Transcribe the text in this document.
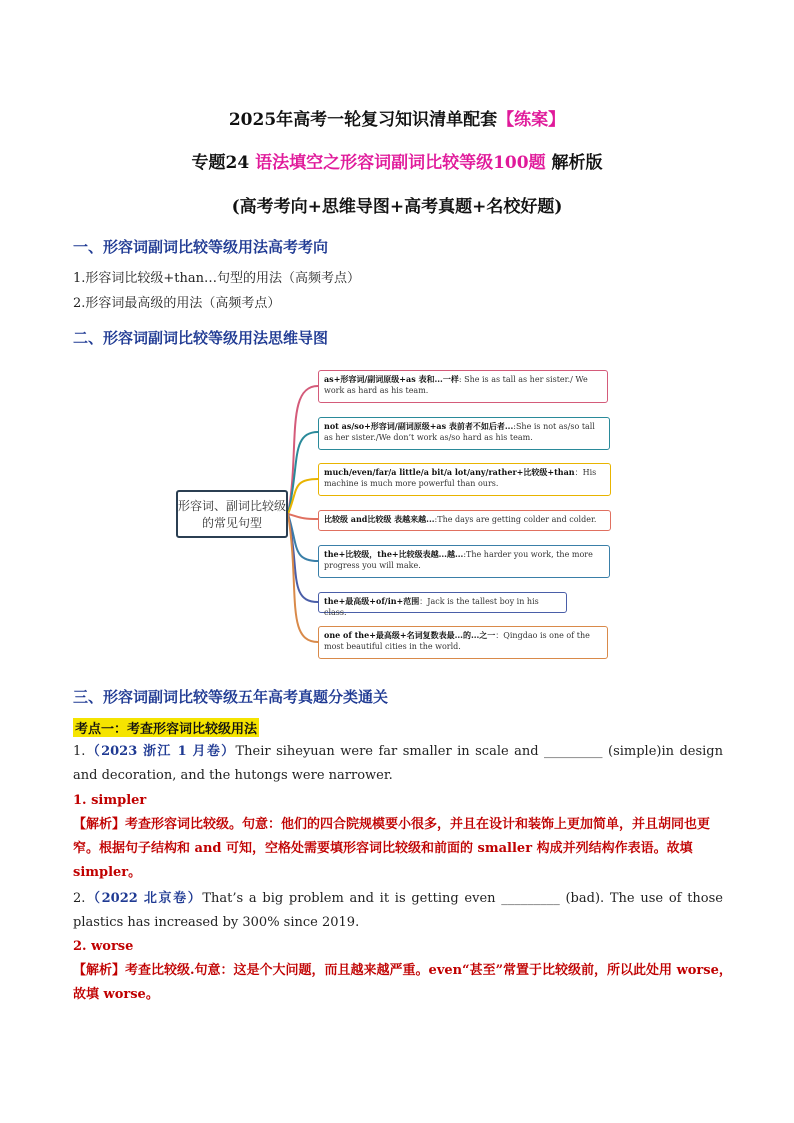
2025年高考一轮复习知识清单配套【练案】
专题24 语法填空之形容词副词比较等级100题 解析版
(高考考向+思维导图+高考真题+名校好题)
一、形容词副词比较等级用法高考考向
1.形容词比较级+than…句型的用法（高频考点）
2.形容词最高级的用法（高频考点）
二、形容词副词比较等级用法思维导图
形容词、副词比较级的常见句型
as+形容词/副词原级+as 表和...一样: She is as tall as her sister./ We work as hard as his team.
not as/so+形容词/副词原级+as 表前者不如后者...:She is not as/so tall as her sister./We don’t work as/so hard as his team.
much/even/far/a little/a bit/a lot/any/rather+比较级+than：His machine is much more powerful than ours.
比较级 and比较级 表越来越...:The days are getting colder and colder.
the+比较级，the+比较级表越...越...:The harder you work, the more progress you will make.
the+最高级+of/in+范围：Jack is the tallest boy in his class.
one of the+最高级+名词复数表最...的...之一：Qingdao is one of the most beautiful cities in the world.
三、形容词副词比较等级五年高考真题分类通关
考点一：考查形容词比较级用法
1.（2023 浙江 1 月卷）Their siheyuan were far smaller in scale and _________ (simple)in design and decoration, and the hutongs were narrower.
1. simpler
【解析】考查形容词比较级。句意：他们的四合院规模要小很多，并且在设计和装饰上更加简单，并且胡同也更窄。根据句子结构和 and 可知，空格处需要填形容词比较级和前面的 smaller 构成并列结构作表语。故填 simpler。
2.（2022 北京卷）That’s a big problem and it is getting even _________ (bad). The use of those plastics has increased by 300% since 2019.
2. worse
【解析】考查比较级.句意：这是个大问题，而且越来越严重。even“甚至”常置于比较级前，所以此处用 worse，故填 worse。
